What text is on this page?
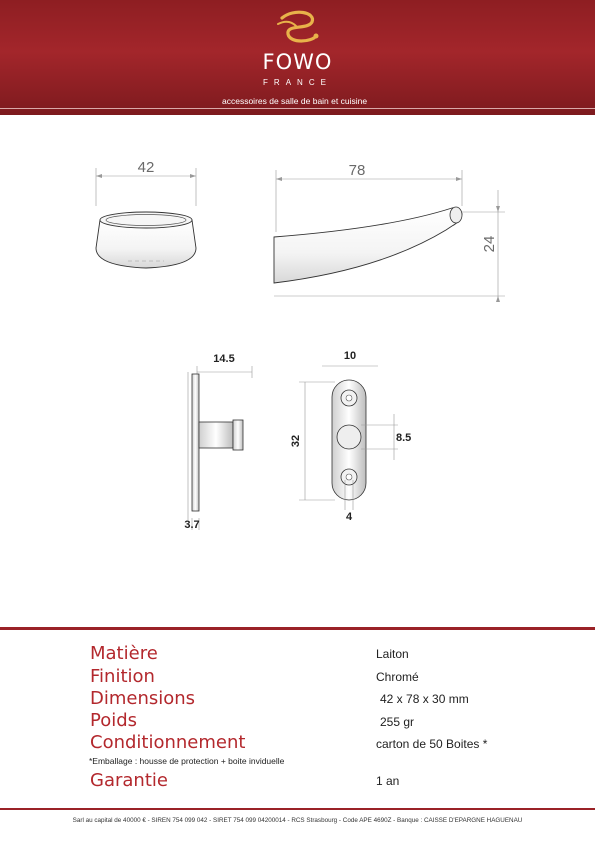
FOWO
FRANCE
accessoires de salle de bain et cuisine
42	78
24
14.5
3.7
10
32	8.5
4
Matière	Laiton
Finition	Chromé
Dimensions	42 x 78 x 30 mm
Poids	255 gr
Conditionnement	carton de 50 Boites *
*Emballage : housse de protection + boite inviduelle
Garantie	1 an
Sarl au capital de 40000 € - SIREN 754 099 042 - SIRET 754 099 04200014 - RCS Strasbourg - Code APE 4690Z - Banque : CAISSE D'EPARGNE HAGUENAU
